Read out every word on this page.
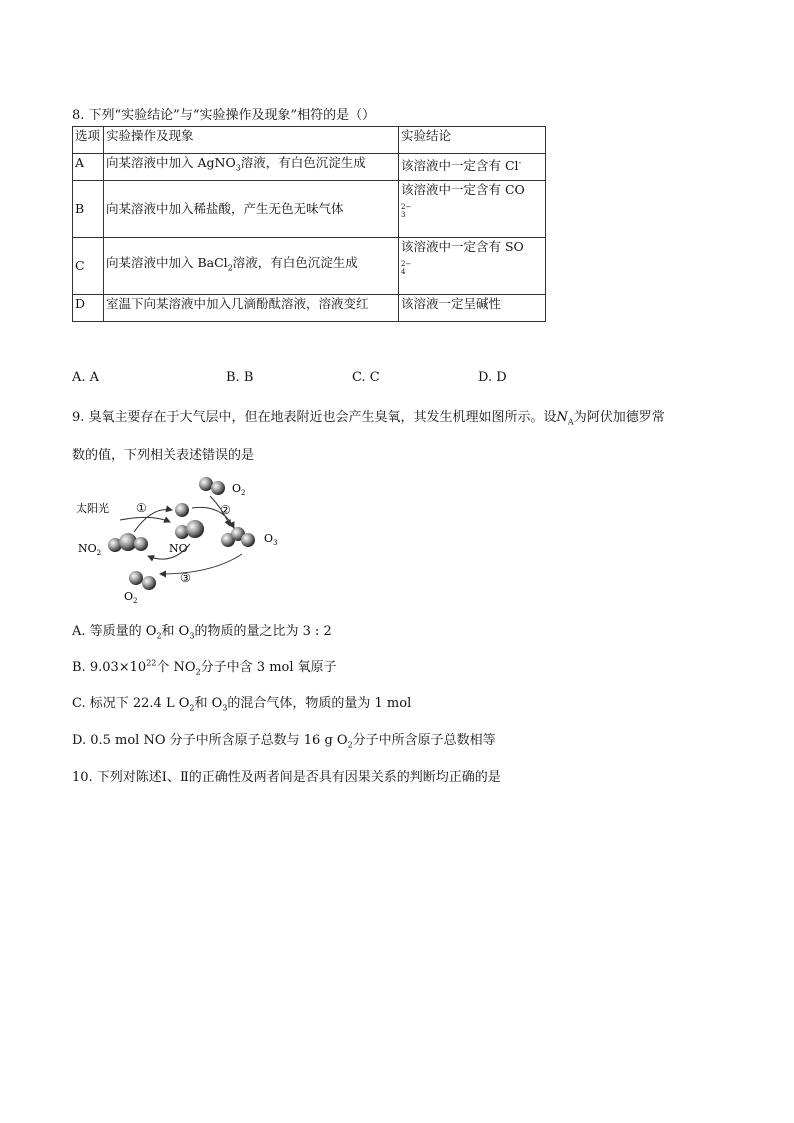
8. 下列“实验结论”与“实验操作及现象”相符的是（）
选项	实验操作及现象	实验结论
A	向某溶液中加入 AgNO$_3$溶液，有白色沉淀生成	该溶液中一定含有 Cl-
B	向某溶液中加入稀盐酸，产生无色无味气体	该溶液中一定含有 CO
2−
3

C	向某溶液中加入 BaCl$_2$溶液，有白色沉淀生成	该溶液中一定含有 SO
2−
4

D	室温下向某溶液中加入几滴酚酞溶液，溶液变红	该溶液一定呈碱性
A. A	B. B	C. C	D. D
9. 臭氧主要存在于大气层中，但在地表附近也会产生臭氧，其发生机理如图所示。设$N_A$为阿伏加德罗常
数的值，下列相关表述错误的是
太阳光 ①	②
③
$O_2$
NO
$NO_2$
$O_3$
$O_2$
A. 等质量的 $O_2$和 $O_3$的物质的量之比为 3 : 2
B. $9.03\times 10^{22}$个 $NO_2$分子中含 3 mol 氧原子
C. 标况下 22.4 L $O_2$和 $O_3$的混合气体，物质的量为 1 mol
D. 0.5 mol NO 分子中所含原子总数与 16 g $O_2$分子中所含原子总数相等
10. 下列对陈述Ⅰ、Ⅱ的正确性及两者间是否具有因果关系的判断均正确的是
